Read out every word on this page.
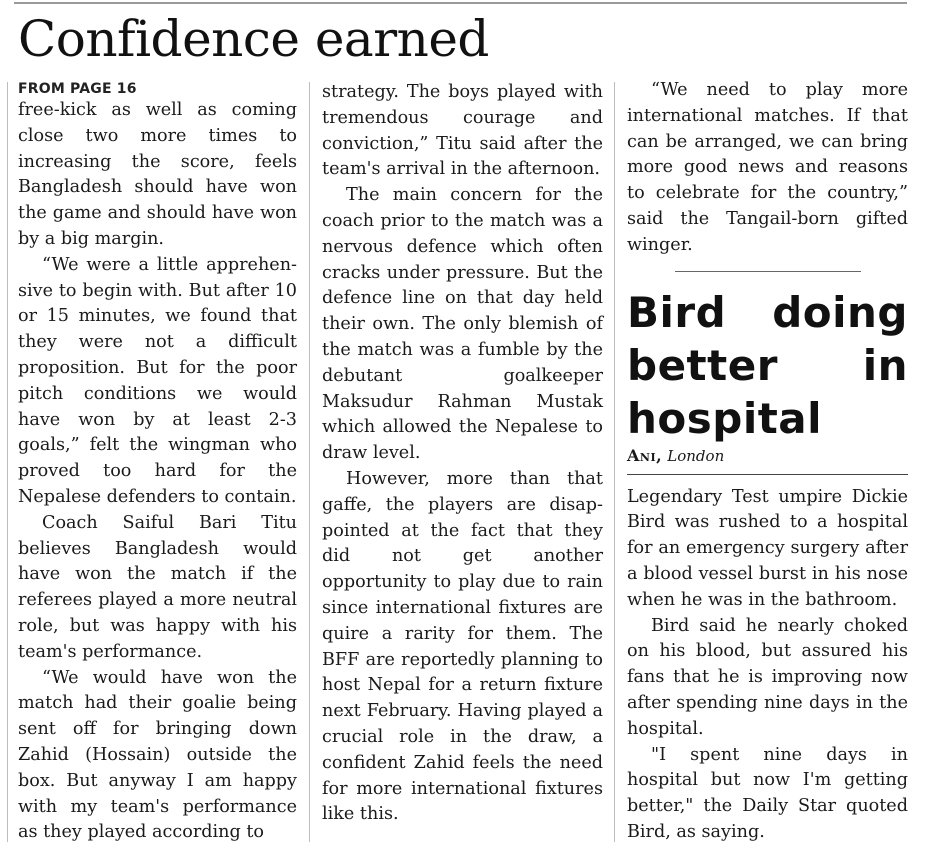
Confidence earned

FROM PAGE 16

free-kick as well as coming close two more times to increasing the score, feels Bangladesh should have won the game and should have won by a big margin.

“We were a little apprehensive to begin with. But after 10 or 15 minutes, we found that they were not a difficult proposition. But for the poor pitch conditions we would have won by at least 2-3 goals,” felt the wingman who proved too hard for the Nepalese defenders to contain.

Coach Saiful Bari Titu believes Bangladesh would have won the match if the referees played a more neutral role, but was happy with his team's performance.

“We would have won the match had their goalie being sent off for bringing down Zahid (Hossain) outside the box. But anyway I am happy with my team's performance as they played according to

strategy. The boys played with tremendous courage and conviction,” Titu said after the team's arrival in the afternoon.

The main concern for the coach prior to the match was a nervous defence which often cracks under pressure. But the defence line on that day held their own. The only blemish of the match was a fumble by the debutant goalkeeper Maksudur Rahman Mustak which allowed the Nepalese to draw level.

However, more than that gaffe, the players are disappointed at the fact that they did not get another opportunity to play due to rain since international fixtures are quire a rarity for them. The BFF are reportedly planning to host Nepal for a return fixture next February. Having played a crucial role in the draw, a confident Zahid feels the need for more international fixtures like this.

“We need to play more international matches. If that can be arranged, we can bring more good news and reasons to celebrate for the country,” said the Tangail-born gifted winger.

Bird doing better in hospital

Ani, London

Legendary Test umpire Dickie Bird was rushed to a hospital for an emergency surgery after a blood vessel burst in his nose when he was in the bathroom.

Bird said he nearly choked on his blood, but assured his fans that he is improving now after spending nine days in the hospital.

"I spent nine days in hospital but now I'm getting better," the Daily Star quoted Bird, as saying.
